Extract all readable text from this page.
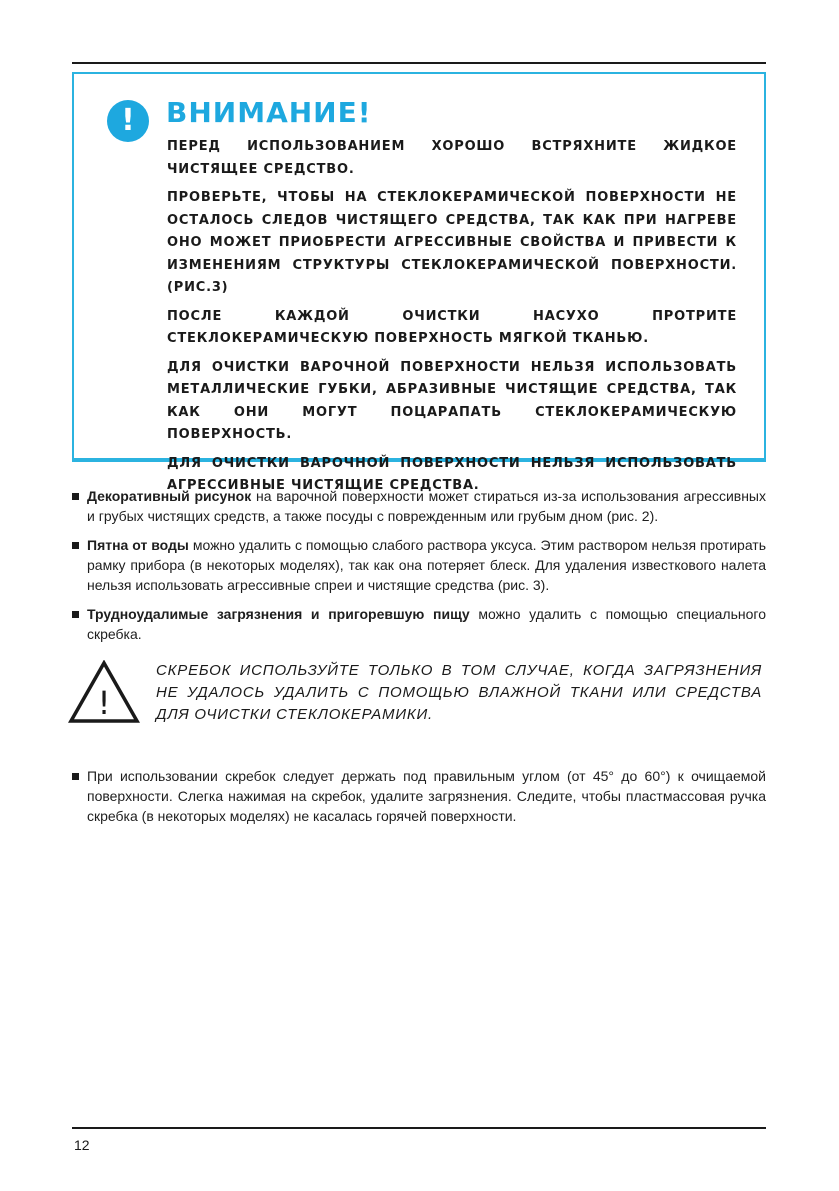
!	ВНИМАНИЕ!

ПЕРЕД ИСПОЛЬЗОВАНИЕМ ХОРОШО ВСТРЯХНИТЕ ЖИДКОЕ ЧИСТЯЩЕЕ СРЕДСТВО.

ПРОВЕРЬТЕ, ЧТОБЫ НА СТЕКЛОКЕРАМИЧЕСКОЙ ПОВЕРХНОСТИ НЕ ОСТАЛОСЬ СЛЕДОВ ЧИСТЯЩЕГО СРЕДСТВА, ТАК КАК ПРИ НАГРЕВЕ ОНО МОЖЕТ ПРИОБРЕСТИ АГРЕССИВНЫЕ СВОЙСТВА И ПРИВЕСТИ К ИЗМЕНЕНИЯМ СТРУКТУРЫ СТЕКЛОКЕРАМИЧЕСКОЙ ПОВЕРХНОСТИ. (РИС.3)

ПОСЛЕ КАЖДОЙ ОЧИСТКИ НАСУХО ПРОТРИТЕ СТЕКЛОКЕРАМИЧЕСКУЮ ПОВЕРХНОСТЬ МЯГКОЙ ТКАНЬЮ.

ДЛЯ ОЧИСТКИ ВАРОЧНОЙ ПОВЕРХНОСТИ НЕЛЬЗЯ ИСПОЛЬЗОВАТЬ МЕТАЛЛИЧЕСКИЕ ГУБКИ, АБРАЗИВНЫЕ ЧИСТЯЩИЕ СРЕДСТВА, ТАК КАК ОНИ МОГУТ ПОЦАРАПАТЬ СТЕКЛОКЕРАМИЧЕСКУЮ ПОВЕРХНОСТЬ.

ДЛЯ ОЧИСТКИ ВАРОЧНОЙ ПОВЕРХНОСТИ НЕЛЬЗЯ ИСПОЛЬЗОВАТЬ АГРЕССИВНЫЕ ЧИСТЯЩИЕ СРЕДСТВА.

Декоративный рисунок на варочной поверхности может стираться из-за использования агрессивных и грубых чистящих средств, а также посуды с поврежденным или грубым дном (рис. 2).
Пятна от воды можно удалить с помощью слабого раствора уксуса. Этим раствором нельзя протирать рамку прибора (в некоторых моделях), так как она потеряет блеск. Для удаления известкового налета нельзя использовать агрессивные спреи и чистящие средства (рис. 3).
Трудноудалимые загрязнения и пригоревшую пищу можно удалить с помощью специального скребка.
!
СКРЕБОК ИСПОЛЬЗУЙТЕ ТОЛЬКО В ТОМ СЛУЧАЕ, КОГДА ЗАГРЯЗНЕНИЯ НЕ УДАЛОСЬ УДАЛИТЬ С ПОМОЩЬЮ ВЛАЖНОЙ ТКАНИ ИЛИ СРЕДСТВА ДЛЯ ОЧИСТКИ СТЕКЛОКЕРАМИКИ.
При использовании скребок следует держать под правильным углом (от 45° до 60°) к очищаемой поверхности. Слегка нажимая на скребок, удалите загрязнения. Следите, чтобы пластмассовая ручка скребка (в некоторых моделях) не касалась горячей поверхности.
12
